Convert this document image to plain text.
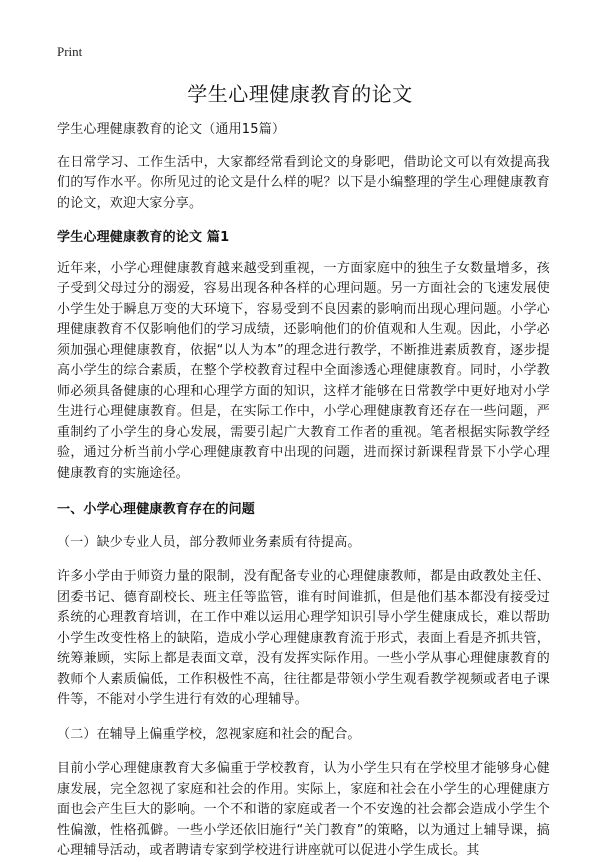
Print
学生心理健康教育的论文

学生心理健康教育的论文（通用15篇）

在日常学习、工作生活中，大家都经常看到论文的身影吧，借助论文可以有效提高我们的写作水平。你所见过的论文是什么样的呢？以下是小编整理的学生心理健康教育的论文，欢迎大家分享。

学生心理健康教育的论文 篇1

近年来，小学心理健康教育越来越受到重视，一方面家庭中的独生子女数量增多，孩子受到父母过分的溺爱，容易出现各种各样的心理问题。另一方面社会的飞速发展使小学生处于瞬息万变的大环境下，容易受到不良因素的影响而出现心理问题。小学心理健康教育不仅影响他们的学习成绩，还影响他们的价值观和人生观。因此，小学必须加强心理健康教育，依据“以人为本”的理念进行教学，不断推进素质教育，逐步提高小学生的综合素质，在整个学校教育过程中全面渗透心理健康教育。同时，小学教师必须具备健康的心理和心理学方面的知识，这样才能够在日常教学中更好地对小学生进行心理健康教育。但是，在实际工作中，小学心理健康教育还存在一些问题，严重制约了小学生的身心发展，需要引起广大教育工作者的重视。笔者根据实际教学经验，通过分析当前小学心理健康教育中出现的问题，进而探讨新课程背景下小学心理健康教育的实施途径。

一、小学心理健康教育存在的问题

（一）缺少专业人员，部分教师业务素质有待提高。

许多小学由于师资力量的限制，没有配备专业的心理健康教师，都是由政教处主任、团委书记、德育副校长、班主任等监管，谁有时间谁抓，但是他们基本都没有接受过系统的心理教育培训，在工作中难以运用心理学知识引导小学生健康成长，难以帮助小学生改变性格上的缺陷，造成小学心理健康教育流于形式，表面上看是齐抓共管，统筹兼顾，实际上都是表面文章，没有发挥实际作用。一些小学从事心理健康教育的教师个人素质偏低，工作积极性不高，往往都是带领小学生观看教学视频或者电子课件等，不能对小学生进行有效的心理辅导。

（二）在辅导上偏重学校，忽视家庭和社会的配合。

目前小学心理健康教育大多偏重于学校教育，认为小学生只有在学校里才能够身心健康发展，完全忽视了家庭和社会的作用。实际上，家庭和社会在小学生的心理健康方面也会产生巨大的影响。一个不和谐的家庭或者一个不安逸的社会都会造成小学生个性偏激，性格孤僻。一些小学还依旧施行“关门教育”的策略，以为通过上辅导课，搞心理辅导活动，或者聘请专家到学校进行讲座就可以促进小学生成长。其
